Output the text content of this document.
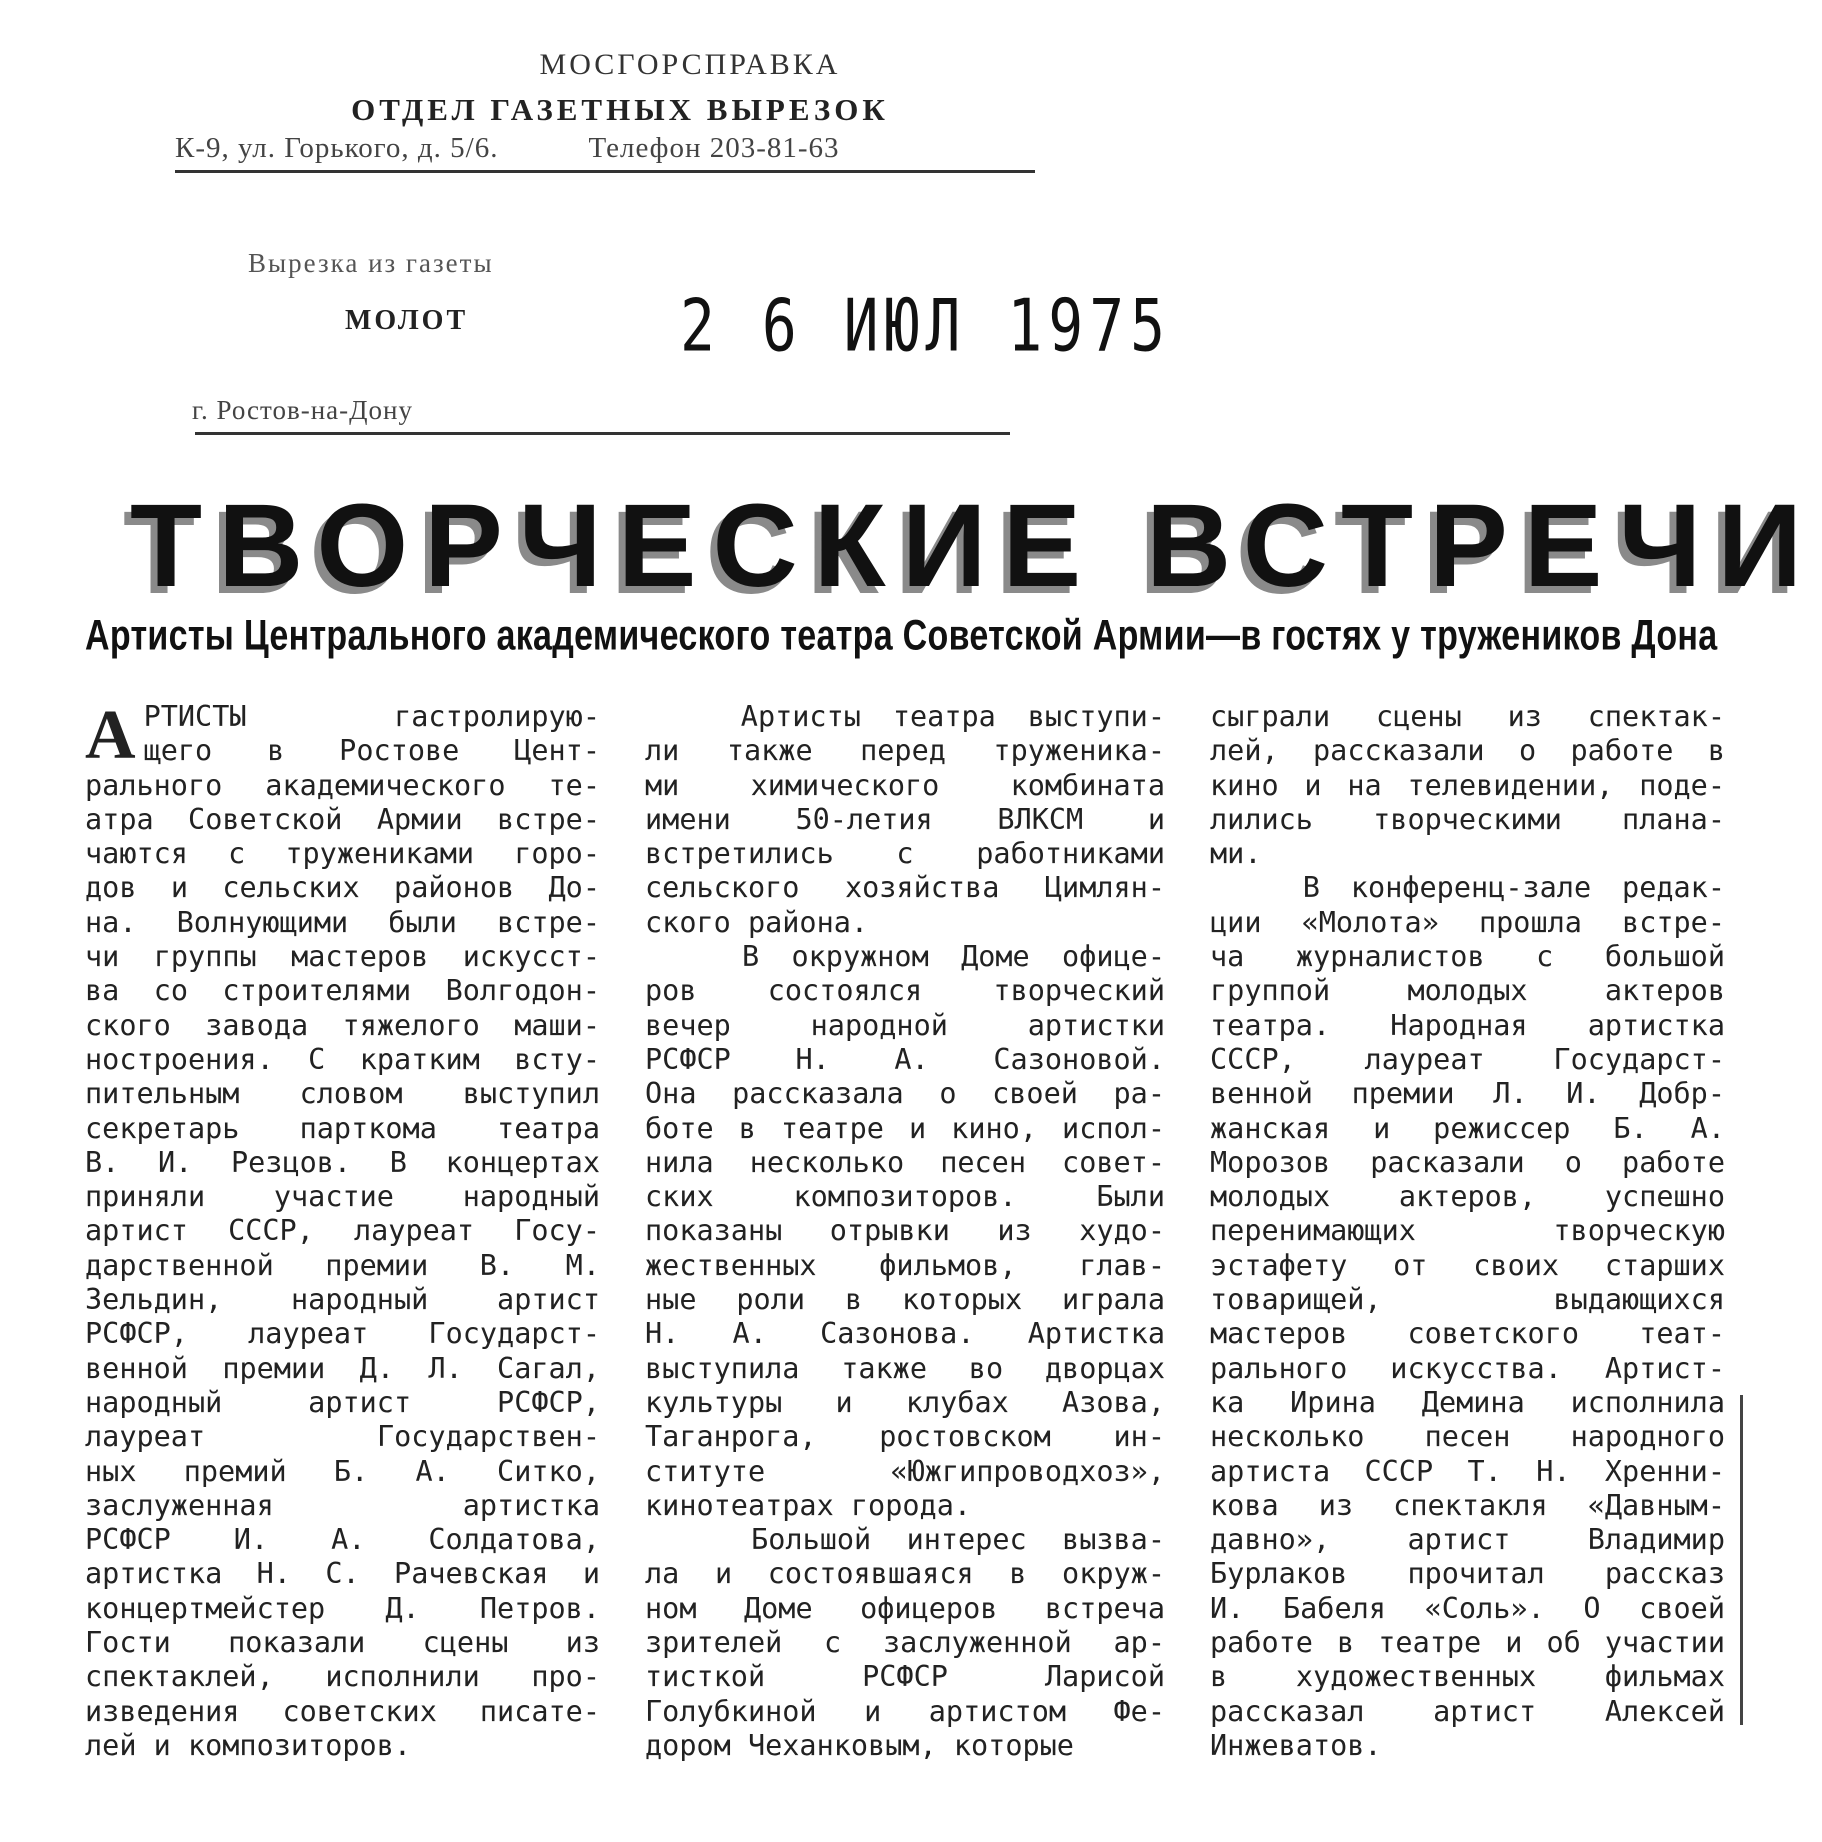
МОСГОРСПРАВКА
ОТДЕЛ ГАЗЕТНЫХ ВЫРЕЗОК
К-9, ул. Горького, д. 5/6.	Телефон 203-81-63
Вырезка из газеты
МОЛОТ	2 6 ИЮЛ 1975
г. Ростов-на-Дону
ТВОРЧЕСКИЕ ВСТРЕЧИ
Артисты Центрального академического театра Советской Армии—в гостях у тружеников Дона
А РТИСТЫ гастролирую-
щего в Ростове Цент-
рального академического те-
атра Советской Армии встре-
чаются с тружениками горо-
дов и сельских районов До-
на. Волнующими были встре-
чи группы мастеров искусст-
ва со строителями Волгодон-
ского завода тяжелого маши-
ностроения. С кратким всту-
пительным словом выступил
секретарь парткома театра
В. И. Резцов. В концертах
приняли участие народный
артист СССР, лауреат Госу-
дарственной премии В. М.
Зельдин, народный артист
РСФСР, лауреат Государст-
венной премии Д. Л. Сагал,
народный артист РСФСР,
лауреат Государствен-
ных премий Б. А. Ситко,
заслуженная артистка
РСФСР И. А. Солдатова,
артистка Н. С. Рачевская и
концертмейстер Д. Петров.
Гости показали сцены из
спектаклей, исполнили про-
изведения советских писате-
лей и композиторов.
Артисты театра выступи-
ли также перед труженика-
ми химического комбината
имени 50-летия ВЛКСМ и
встретились с работниками
сельского хозяйства Цимлян-
ского района.
В окружном Доме офице-
ров состоялся творческий
вечер народной артистки
РСФСР Н. А. Сазоновой.
Она рассказала о своей ра-
боте в театре и кино, испол-
нила несколько песен совет-
ских композиторов. Были
показаны отрывки из худо-
жественных фильмов, глав-
ные роли в которых играла
Н. А. Сазонова. Артистка
выступила также во дворцах
культуры и клубах Азова,
Таганрога, ростовском ин-
ституте «Южгипроводхоз»,
кинотеатрах города.
Большой интерес вызва-
ла и состоявшаяся в окруж-
ном Доме офицеров встреча
зрителей с заслуженной ар-
тисткой РСФСР Ларисой
Голубкиной и артистом Фе-
дором Чеханковым, которые
сыграли сцены из спектак-
лей, рассказали о работе в
кино и на телевидении, поде-
лились творческими плана-
ми.
В конференц-зале редак-
ции «Молота» прошла встре-
ча журналистов с большой
группой молодых актеров
театра. Народная артистка
СССР, лауреат Государст-
венной премии Л. И. Добр-
жанская и режиссер Б. А.
Морозов расказали о работе
молодых актеров, успешно
перенимающих творческую
эстафету от своих старших
товарищей, выдающихся
мастеров советского теат-
рального искусства. Артист-
ка Ирина Демина исполнила
несколько песен народного
артиста СССР Т. Н. Хренни-
кова из спектакля «Давным-
давно», артист Владимир
Бурлаков прочитал рассказ
И. Бабеля «Соль». О своей
работе в театре и об участии
в художественных фильмах
рассказал артист Алексей
Инжеватов.
